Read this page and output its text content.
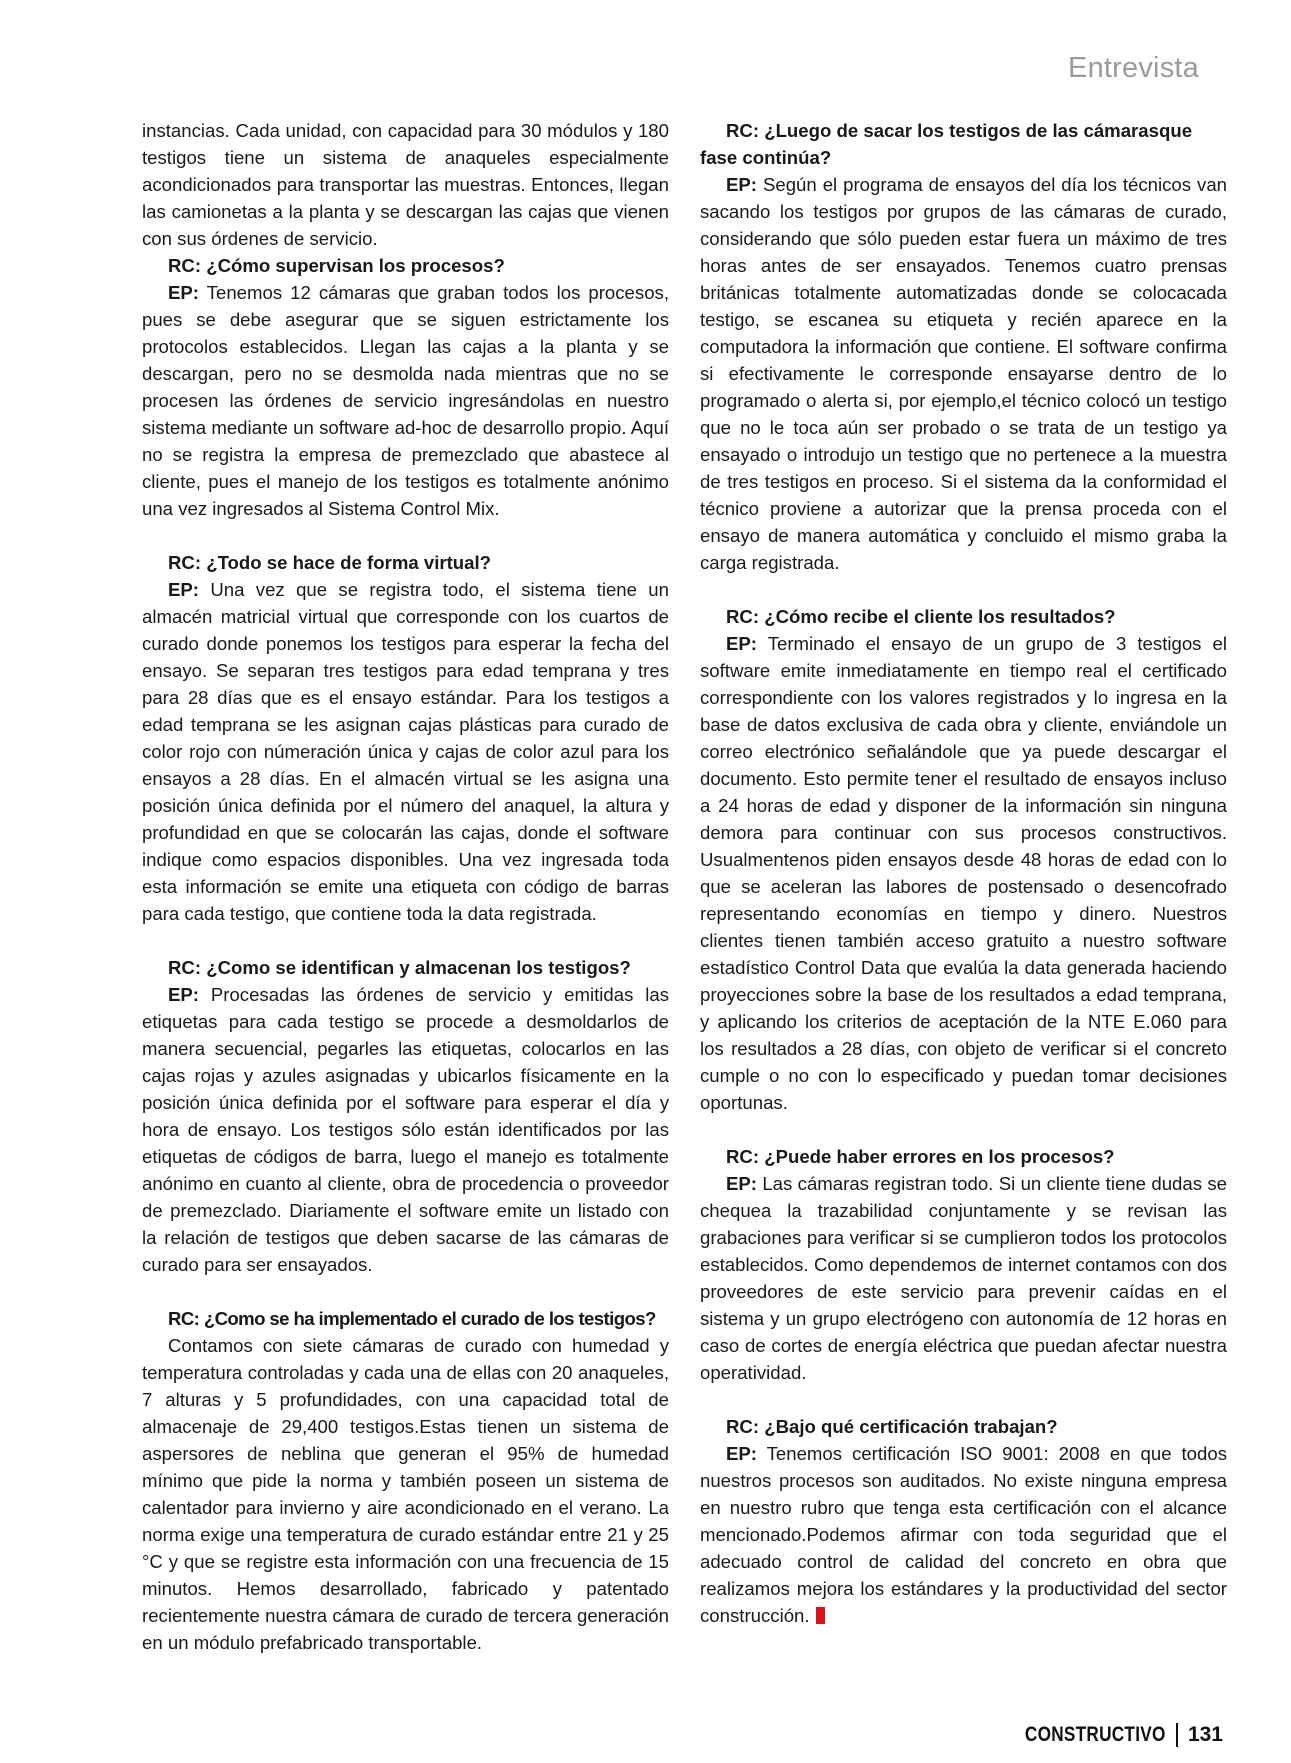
Entrevista

instancias. Cada unidad, con capacidad para 30 módulos y 180 testigos tiene un sistema de anaqueles especialmente acondicionados para transportar las muestras. Entonces, llegan las camionetas a la planta y se descargan las cajas que vienen con sus órdenes de servicio.

RC: ¿Cómo supervisan los procesos?

EP: Tenemos 12 cámaras que graban todos los procesos, pues se debe asegurar que se siguen estrictamente los protocolos establecidos. Llegan las cajas a la planta y se descargan, pero no se desmolda nada mientras que no se procesen las órdenes de servicio ingresándolas en nuestro sistema mediante un software ad-hoc de desarrollo propio. Aquí no se registra la empresa de premezclado que abastece al cliente, pues el manejo de los testigos es totalmente anónimo una vez ingresados al Sistema Control Mix.

RC: ¿Todo se hace de forma virtual?

EP: Una vez que se registra todo, el sistema tiene un almacén matricial virtual que corresponde con los cuartos de curado donde ponemos los testigos para esperar la fecha del ensayo. Se separan tres testigos para edad temprana y tres para 28 días que es el ensayo estándar. Para los testigos a edad temprana se les asignan cajas plásticas para curado de color rojo con númeración única y cajas de color azul para los ensayos a 28 días. En el almacén virtual se les asigna una posición única definida por el número del anaquel, la altura y profundidad en que se colocarán las cajas, donde el software indique como espacios disponibles. Una vez ingresada toda esta información se emite una etiqueta con código de barras para cada testigo, que contiene toda la data registrada.

RC: ¿Como se identifican y almacenan los testigos?

EP: Procesadas las órdenes de servicio y emitidas las etiquetas para cada testigo se procede a desmoldarlos de manera secuencial, pegarles las etiquetas, colocarlos en las cajas rojas y azules asignadas y ubicarlos físicamente en la posición única definida por el software para esperar el día y hora de ensayo. Los testigos sólo están identificados por las etiquetas de códigos de barra, luego el manejo es totalmente anónimo en cuanto al cliente, obra de procedencia o proveedor de premezclado. Diariamente el software emite un listado con la relación de testigos que deben sacarse de las cámaras de curado para ser ensayados.

RC: ¿Como se ha implementado el curado de los testigos?

Contamos con siete cámaras de curado con humedad y temperatura controladas y cada una de ellas con 20 anaqueles, 7 alturas y 5 profundidades, con una capacidad total de almacenaje de 29,400 testigos.Estas tienen un sistema de aspersores de neblina que generan el 95% de humedad mínimo que pide la norma y también poseen un sistema de calentador para invierno y aire acondicionado en el verano. La norma exige una temperatura de curado estándar entre 21 y 25 °C y que se registre esta información con una frecuencia de 15 minutos. Hemos desarrollado, fabricado y patentado recientemente nuestra cámara de curado de tercera generación en un módulo prefabricado transportable.

RC: ¿Luego de sacar los testigos de las cámarasque fase continúa?

EP: Según el programa de ensayos del día los técnicos van sacando los testigos por grupos de las cámaras de curado, considerando que sólo pueden estar fuera un máximo de tres horas antes de ser ensayados. Tenemos cuatro prensas británicas totalmente automatizadas donde se colocacada testigo, se escanea su etiqueta y recién aparece en la computadora la información que contiene. El software confirma si efectivamente le corresponde ensayarse dentro de lo programado o alerta si, por ejemplo,el técnico colocó un testigo que no le toca aún ser probado o se trata de un testigo ya ensayado o introdujo un testigo que no pertenece a la muestra de tres testigos en proceso. Si el sistema da la conformidad el técnico proviene a autorizar que la prensa proceda con el ensayo de manera automática y concluido el mismo graba la carga registrada.

RC: ¿Cómo recibe el cliente los resultados?

EP: Terminado el ensayo de un grupo de 3 testigos el software emite inmediatamente en tiempo real el certificado correspondiente con los valores registrados y lo ingresa en la base de datos exclusiva de cada obra y cliente, enviándole un correo electrónico señalándole que ya puede descargar el documento. Esto permite tener el resultado de ensayos incluso a 24 horas de edad y disponer de la información sin ninguna demora para continuar con sus procesos constructivos. Usualmentenos piden ensayos desde 48 horas de edad con lo que se aceleran las labores de postensado o desencofrado representando economías en tiempo y dinero. Nuestros clientes tienen también acceso gratuito a nuestro software estadístico Control Data que evalúa la data generada haciendo proyecciones sobre la base de los resultados a edad temprana, y aplicando los criterios de aceptación de la NTE E.060 para los resultados a 28 días, con objeto de verificar si el concreto cumple o no con lo especificado y puedan tomar decisiones oportunas.

RC: ¿Puede haber errores en los procesos?

EP: Las cámaras registran todo. Si un cliente tiene dudas se chequea la trazabilidad conjuntamente y se revisan las grabaciones para verificar si se cumplieron todos los protocolos establecidos. Como dependemos de internet contamos con dos proveedores de este servicio para prevenir caídas en el sistema y un grupo electrógeno con autonomía de 12 horas en caso de cortes de energía eléctrica que puedan afectar nuestra operatividad.

RC: ¿Bajo qué certificación trabajan?

EP: Tenemos certificación ISO 9001: 2008 en que todos nuestros procesos son auditados. No existe ninguna empresa en nuestro rubro que tenga esta certificación con el alcance mencionado.Podemos afirmar con toda seguridad que el adecuado control de calidad del concreto en obra que realizamos mejora los estándares y la productividad del sector construcción.

CONSTRUCTIVO 131
